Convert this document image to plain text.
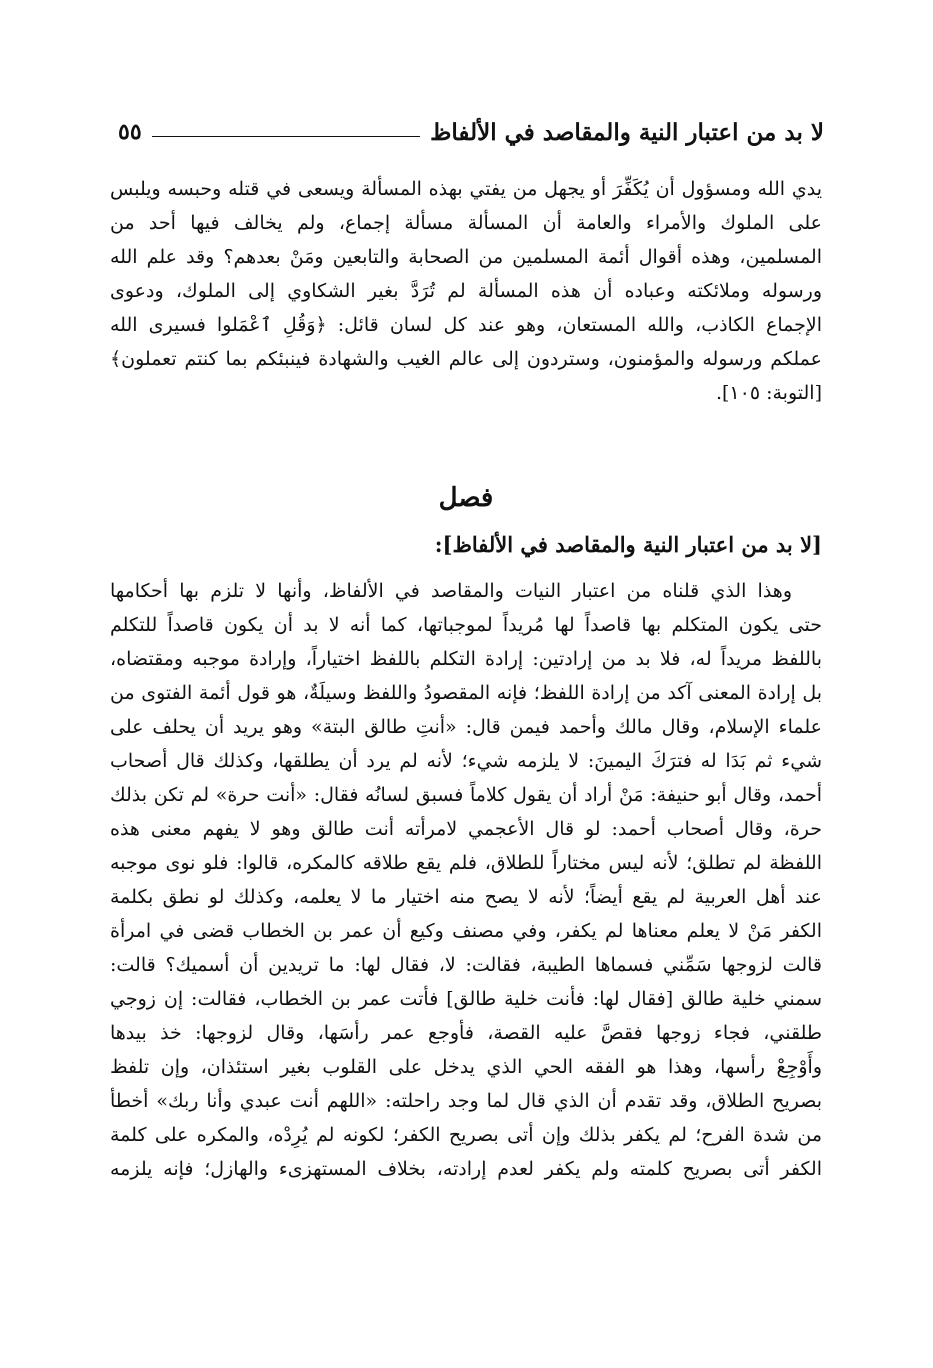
لا بد من اعتبار النية والمقاصد في الألفاظ
٥٥
يدي الله ومسؤول أن يُكَفِّرَ أو يجهل من يفتي بهذه المسألة ويسعى في قتله وحبسه ويلبس
على الملوك والأمراء والعامة أن المسألة مسألة إجماع، ولم يخالف فيها أحد من
المسلمين، وهذه أقوال أئمة المسلمين من الصحابة والتابعين ومَنْ بعدهم؟ وقد علم الله
ورسوله وملائكته وعباده أن هذه المسألة لم تُرَدَّ بغير الشكاوي إلى الملوك، ودعوى
الإجماع الكاذب، والله المستعان، وهو عند كل لسان قائل: ﴿وَقُلِ ٱعْمَلوا فسيرى الله
عملكم ورسوله والمؤمنون، وستردون إلى عالم الغيب والشهادة فينبئكم بما كنتم تعملون﴾
[التوبة: ١٠٥].
فصل
[لا بد من اعتبار النية والمقاصد في الألفاظ]:
وهذا الذي قلناه من اعتبار النيات والمقاصد في الألفاظ، وأنها لا تلزم بها أحكامها
حتى يكون المتكلم بها قاصداً لها مُريداً لموجباتها، كما أنه لا بد أن يكون قاصداً للتكلم
باللفظ مريداً له، فلا بد من إرادتين: إرادة التكلم باللفظ اختياراً، وإرادة موجبه ومقتضاه،
بل إرادة المعنى آكد من إرادة اللفظ؛ فإنه المقصودُ واللفظ وسيلَةٌ، هو قول أئمة الفتوى من
علماء الإسلام، وقال مالك وأحمد فيمن قال: «أنتِ طالق البتة» وهو يريد أن يحلف على
شيء ثم بَدَا له فترَكَ اليمينَ: لا يلزمه شيء؛ لأنه لم يرد أن يطلقها، وكذلك قال أصحاب
أحمد، وقال أبو حنيفة: مَنْ أراد أن يقول كلاماً فسبق لسانُه فقال: «أنت حرة» لم تكن بذلك
حرة، وقال أصحاب أحمد: لو قال الأعجمي لامرأته أنت طالق وهو لا يفهم معنى هذه
اللفظة لم تطلق؛ لأنه ليس مختاراً للطلاق، فلم يقع طلاقه كالمكره، قالوا: فلو نوى موجبه
عند أهل العربية لم يقع أيضاً؛ لأنه لا يصح منه اختيار ما لا يعلمه، وكذلك لو نطق بكلمة
الكفر مَنْ لا يعلم معناها لم يكفر، وفي مصنف وكيع أن عمر بن الخطاب قضى في امرأة
قالت لزوجها سَمِّني فسماها الطيبة، فقالت: لا، فقال لها: ما تريدين أن أسميك؟ قالت:
سمني خلية طالق [فقال لها: فأنت خلية طالق] فأتت عمر بن الخطاب، فقالت: إن زوجي
طلقني، فجاء زوجها فقصَّ عليه القصة، فأوجع عمر رأسَها، وقال لزوجها: خذ بيدها
وأَوْجِعْ رأسها، وهذا هو الفقه الحي الذي يدخل على القلوب بغير استئذان، وإن تلفظ
بصريح الطلاق، وقد تقدم أن الذي قال لما وجد راحلته: «اللهم أنت عبدي وأنا ربك» أخطأ
من شدة الفرح؛ لم يكفر بذلك وإن أتى بصريح الكفر؛ لكونه لم يُرِدْه، والمكره على كلمة
الكفر أتى بصريح كلمته ولم يكفر لعدم إرادته، بخلاف المستهزىء والهازل؛ فإنه يلزمه
